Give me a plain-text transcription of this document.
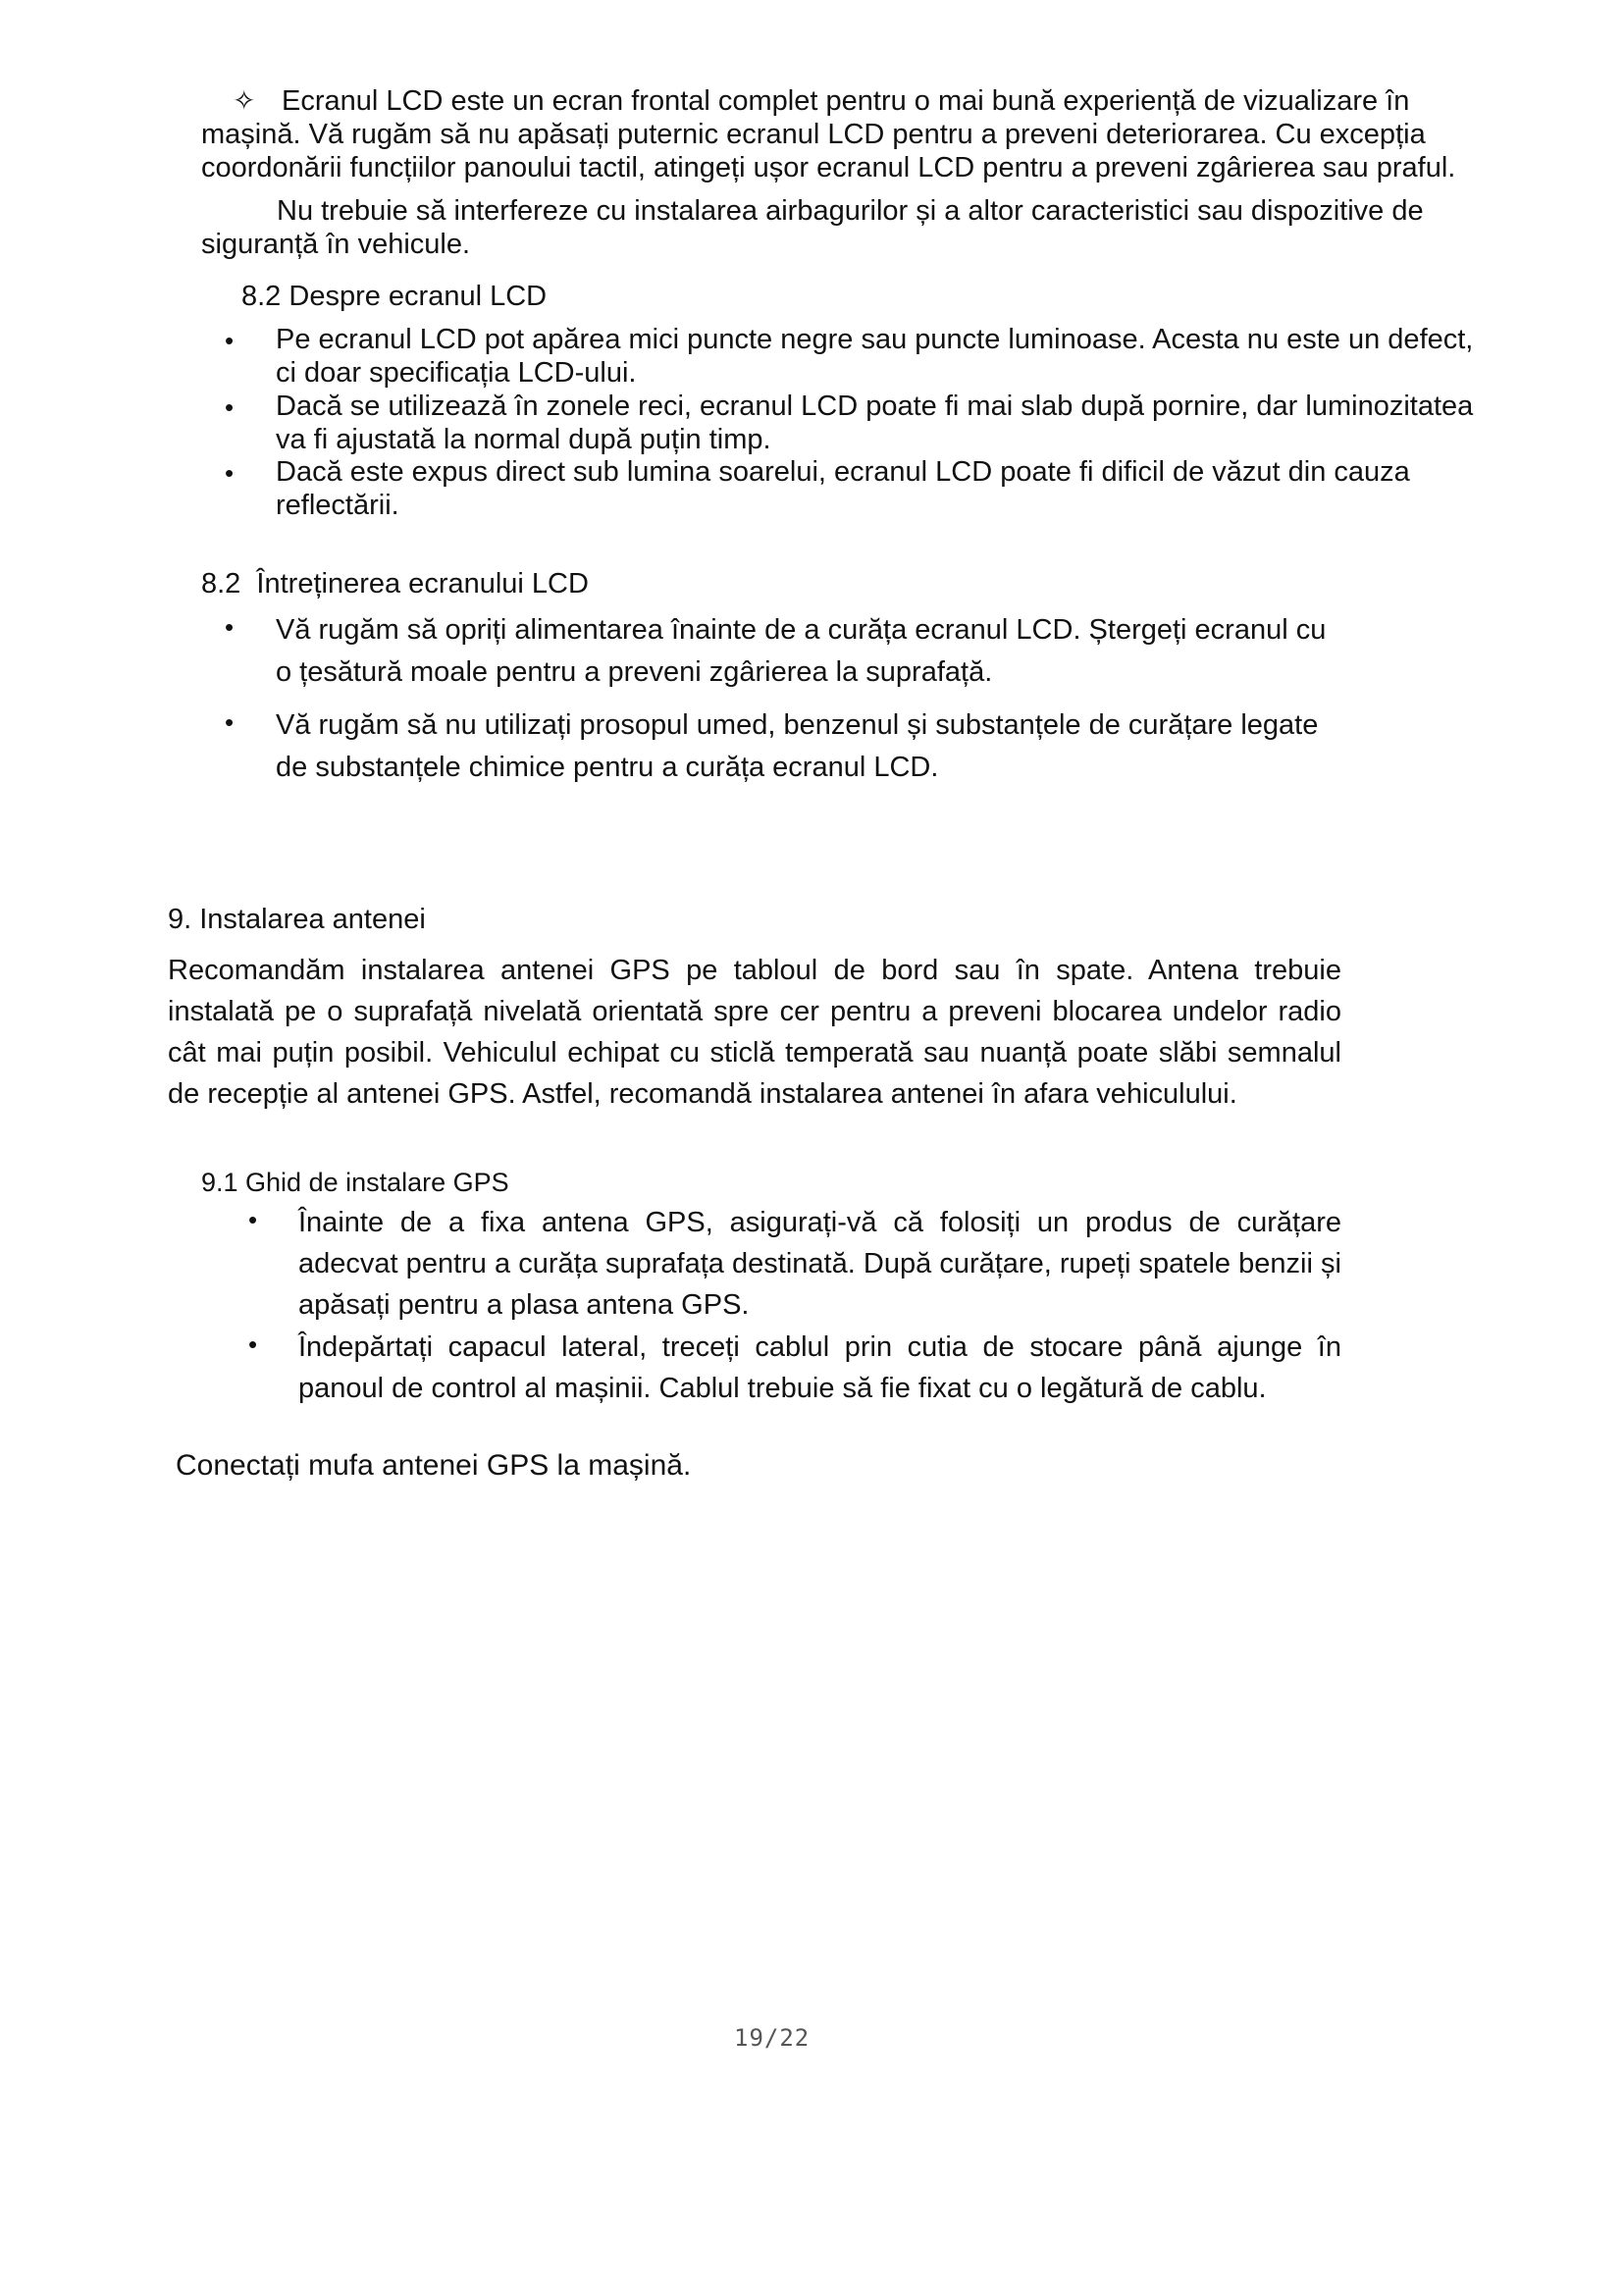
✧ Ecranul LCD este un ecran frontal complet pentru o mai bună experiență de vizualizare în
mașină. Vă rugăm să nu apăsați puternic ecranul LCD pentru a preveni deteriorarea. Cu excepția
coordonării funcțiilor panoului tactil, atingeți ușor ecranul LCD pentru a preveni zgârierea sau praful.
Nu trebuie să interfereze cu instalarea airbagurilor și a altor caracteristici sau dispozitive de
siguranță în vehicule.
8.2 Despre ecranul LCD
• Pe ecranul LCD pot apărea mici puncte negre sau puncte luminoase. Acesta nu este un defect,
ci doar specificația LCD-ului.
• Dacă se utilizează în zonele reci, ecranul LCD poate fi mai slab după pornire, dar luminozitatea
va fi ajustată la normal după puțin timp.
• Dacă este expus direct sub lumina soarelui, ecranul LCD poate fi dificil de văzut din cauza
reflectării.
8.2  Întreținerea ecranului LCD
• Vă rugăm să opriți alimentarea înainte de a curăța ecranul LCD. Ștergeți ecranul cu
o țesătură moale pentru a preveni zgârierea la suprafață.
• Vă rugăm să nu utilizați prosopul umed, benzenul și substanțele de curățare legate
de substanțele chimice pentru a curăța ecranul LCD.
9. Instalarea antenei
Recomandăm instalarea antenei GPS pe tabloul de bord sau în spate. Antena trebuie instalată pe o suprafață nivelată orientată spre cer pentru a preveni blocarea undelor radio cât mai puțin posibil. Vehiculul echipat cu sticlă temperată sau nuanță poate slăbi semnalul de recepție al antenei GPS. Astfel, recomandă instalarea antenei în afara vehiculului.
9.1 Ghid de instalare GPS
• Înainte de a fixa antena GPS, asigurați-vă că folosiți un produs de curățare adecvat pentru a curăța suprafața destinată. După curățare, rupeți spatele benzii și apăsați pentru a plasa antena GPS.
• Îndepărtați capacul lateral, treceți cablul prin cutia de stocare până ajunge în panoul de control al mașinii. Cablul trebuie să fie fixat cu o legătură de cablu.
Conectați mufa antenei GPS la mașină.
19/22
